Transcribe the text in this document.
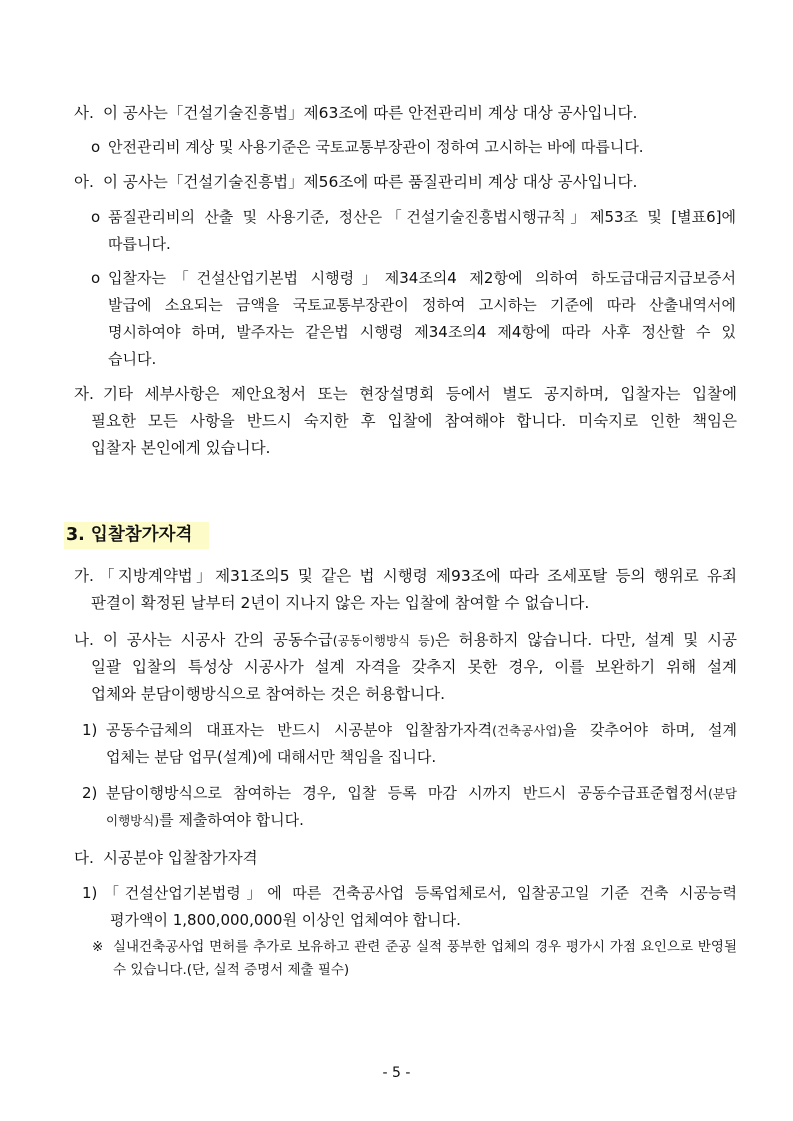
사. 이 공사는「건설기술진흥법」제63조에 따른 안전관리비 계상 대상 공사입니다.
o 안전관리비 계상 및 사용기준은 국토교통부장관이 정하여 고시하는 바에 따릅니다.
아. 이 공사는「건설기술진흥법」제56조에 따른 품질관리비 계상 대상 공사입니다.
o 품질관리비의 산출 및 사용기준, 정산은「건설기술진흥법시행규칙」제53조 및 [별표6]에
따릅니다.
o 입찰자는「건설산업기본법 시행령」제34조의4 제2항에 의하여 하도급대금지급보증서
발급에 소요되는 금액을 국토교통부장관이 정하여 고시하는 기준에 따라 산출내역서에
명시하여야 하며, 발주자는 같은법 시행령 제34조의4 제4항에 따라 사후 정산할 수 있
습니다.
자. 기타 세부사항은 제안요청서 또는 현장설명회 등에서 별도 공지하며, 입찰자는 입찰에
필요한 모든 사항을 반드시 숙지한 후 입찰에 참여해야 합니다. 미숙지로 인한 책임은
입찰자 본인에게 있습니다.
3. 입찰참가자격
가. 「지방계약법」제31조의5 및 같은 법 시행령 제93조에 따라 조세포탈 등의 행위로 유죄
판결이 확정된 날부터 2년이 지나지 않은 자는 입찰에 참여할 수 없습니다.
나. 이 공사는 시공사 간의 공동수급(공동이행방식 등)은 허용하지 않습니다. 다만, 설계 및 시공
일괄 입찰의 특성상 시공사가 설계 자격을 갖추지 못한 경우, 이를 보완하기 위해 설계
업체와 분담이행방식으로 참여하는 것은 허용합니다.
1) 공동수급체의 대표자는 반드시 시공분야 입찰참가자격(건축공사업)을 갖추어야 하며, 설계
업체는 분담 업무(설계)에 대해서만 책임을 집니다.
2) 분담이행방식으로 참여하는 경우, 입찰 등록 마감 시까지 반드시 공동수급표준협정서(분담
이행방식)를 제출하여야 합니다.
다. 시공분야 입찰참가자격
1) 「건설산업기본법령」에 따른 건축공사업 등록업체로서, 입찰공고일 기준 건축 시공능력
평가액이 1,800,000,000원 이상인 업체여야 합니다.
※ 실내건축공사업 면허를 추가로 보유하고 관련 준공 실적 풍부한 업체의 경우 평가시 가점 요인으로 반영될
수 있습니다.(단, 실적 증명서 제출 필수)
- 5 -
